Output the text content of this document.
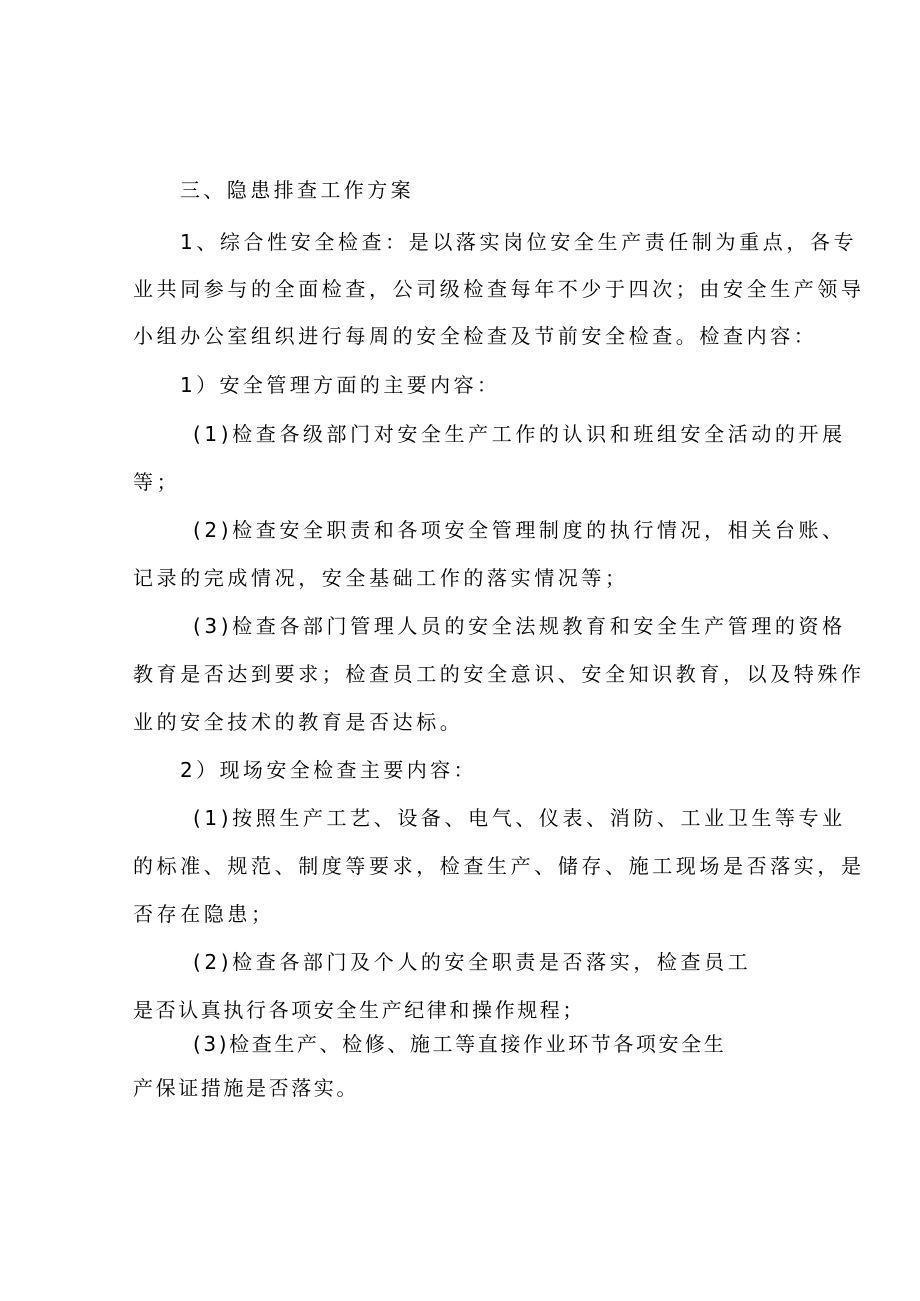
三、隐患排查工作方案
1、综合性安全检查：是以落实岗位安全生产责任制为重点，各专
业共同参与的全面检查，公司级检查每年不少于四次；由安全生产领导
小组办公室组织进行每周的安全检查及节前安全检查。检查内容：
1）安全管理方面的主要内容：
(1)检查各级部门对安全生产工作的认识和班组安全活动的开展
等；
(2)检查安全职责和各项安全管理制度的执行情况，相关台账、
记录的完成情况，安全基础工作的落实情况等；
(3)检查各部门管理人员的安全法规教育和安全生产管理的资格
教育是否达到要求；检查员工的安全意识、安全知识教育，以及特殊作
业的安全技术的教育是否达标。
2）现场安全检查主要内容：
(1)按照生产工艺、设备、电气、仪表、消防、工业卫生等专业
的标准、规范、制度等要求，检查生产、储存、施工现场是否落实，是
否存在隐患；
(2)检查各部门及个人的安全职责是否落实，检查员工
是否认真执行各项安全生产纪律和操作规程；
(3)检查生产、检修、施工等直接作业环节各项安全生
产保证措施是否落实。
